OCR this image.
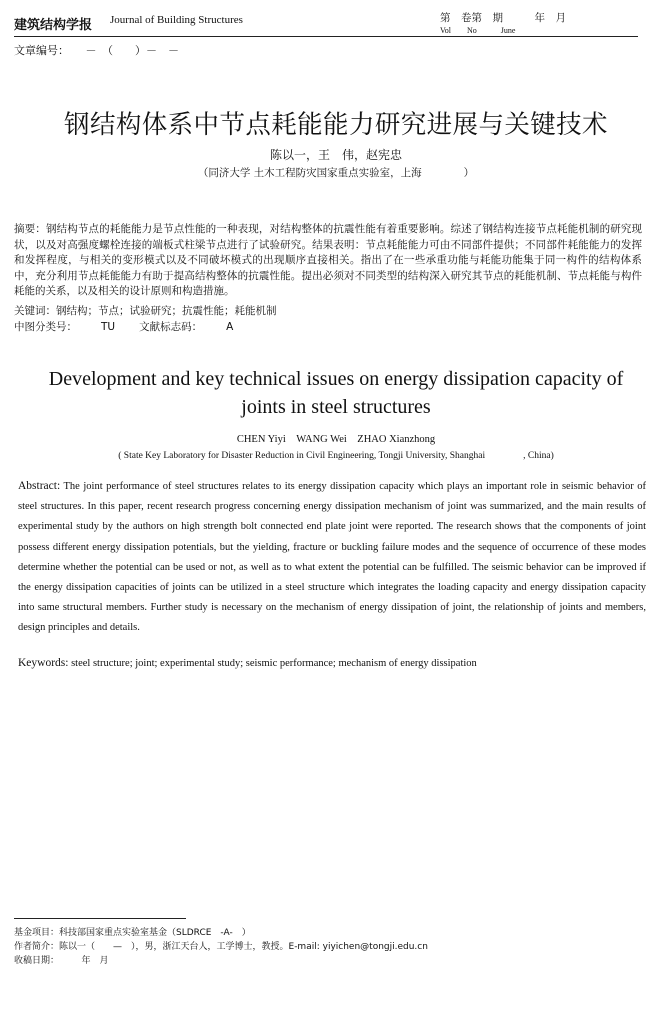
建筑结构学报 Journal of Building Structures	第　卷第　期　　　年　月
Vol　　No　　　June
文章编号：　　－　（　　）－　－
钢结构体系中节点耗能能力研究进展与关键技术
陈以一，王　伟，赵宪忠
（同济大学 土木工程防灾国家重点实验室，上海　　　　）
摘要：钢结构节点的耗能能力是节点性能的一种表现，对结构整体的抗震性能有着重要影响。综述了钢结构连接节点耗能机制的研究现状，以及对高强度螺栓连接的端板式柱梁节点进行了试验研究。结果表明：节点耗能能力可由不同部件提供；不同部件耗能能力的发挥和发挥程度，与相关的变形模式以及不同破坏模式的出现顺序直接相关。指出了在一些承重功能与耗能功能集于同一构件的结构体系中，充分利用节点耗能能力有助于提高结构整体的抗震性能。提出必须对不同类型的结构深入研究其节点的耗能机制、节点耗能与构件耗能的关系，以及相关的设计原则和构造措施。
关键词：钢结构；节点；试验研究；抗震性能；耗能机制
中图分类号： TU 文献标志码： A
Development and key technical issues on energy dissipation capacity of joints in steel structures
CHEN Yiyi　WANG Wei　ZHAO Xianzhong
( State Key Laboratory for Disaster Reduction in Civil Engineering, Tongji University, Shanghai　　　　, China)
Abstract: The joint performance of steel structures relates to its energy dissipation capacity which plays an important role in seismic behavior of steel structures. In this paper, recent research progress concerning energy dissipation mechanism of joint was summarized, and the main results of experimental study by the authors on high strength bolt connected end plate joint were reported. The research shows that the components of joint possess different energy dissipation potentials, but the yielding, fracture or buckling failure modes and the sequence of occurrence of these modes determine whether the potential can be used or not, as well as to what extent the potential can be fulfilled. The seismic behavior can be improved if the energy dissipation capacities of joints can be utilized in a steel structure which integrates the loading capacity and energy dissipation capacity into same structural members. Further study is necessary on the mechanism of energy dissipation of joint, the relationship of joints and members, design principles and details.
Keywords: steel structure; joint; experimental study; seismic performance; mechanism of energy dissipation
基金项目：科技部国家重点实验室基金（SLDRCE　-A-　）
作者简介：陈以一（　　—　），男，浙江天台人，工学博士，教授。E-mail: yiyichen@tongji.edu.cn
收稿日期：　　　年　月
